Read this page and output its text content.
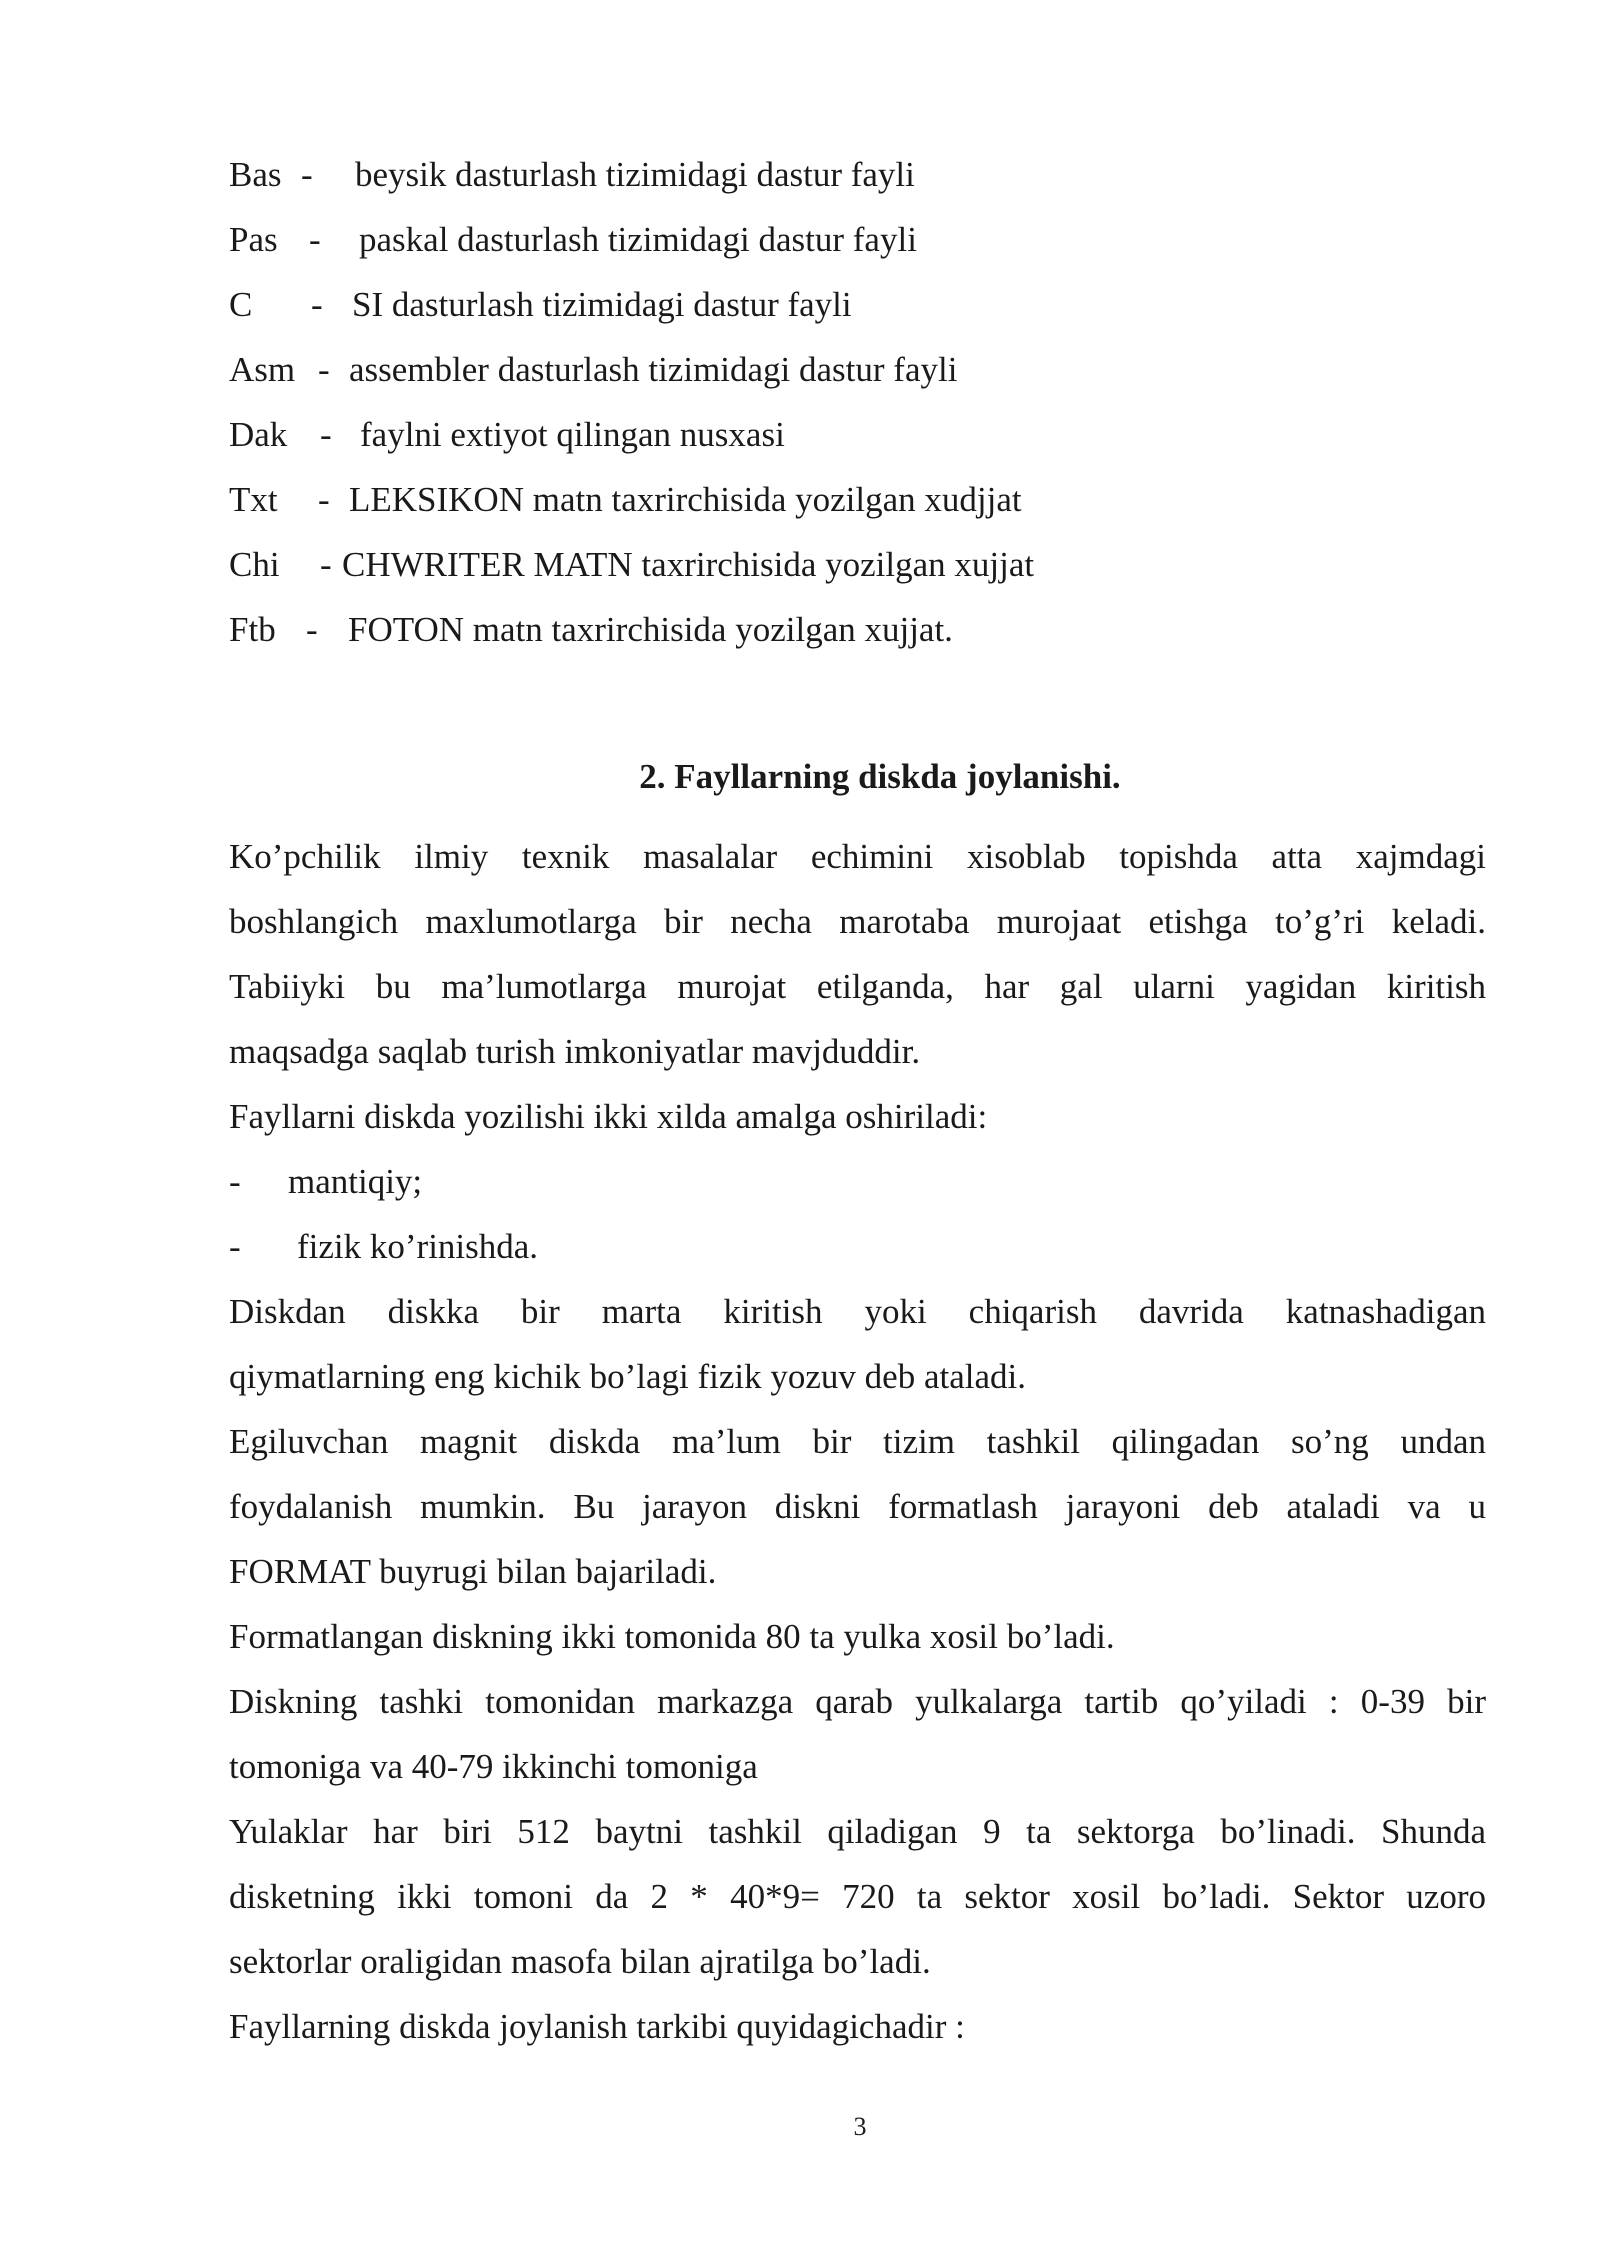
Bas - beysik dasturlash tizimidagi dastur fayli
Pas - paskal dasturlash tizimidagi dastur fayli
C - SI dasturlash tizimidagi dastur fayli
Asm - assembler dasturlash tizimidagi dastur fayli
Dak - faylni extiyot qilingan nusxasi
Txt - LEKSIKON matn taxrirchisida yozilgan xudjjat
Chi - CHWRITER MATN taxrirchisida yozilgan xujjat
Ftb - FOTON matn taxrirchisida yozilgan xujjat.
2. Fayllarning diskda joylanishi.
Ko’pchilik ilmiy texnik masalalar echimini xisoblab topishda atta xajmdagi
boshlangich maxlumotlarga bir necha marotaba murojaat etishga to’g’ri keladi.
Tabiiyki bu ma’lumotlarga murojat etilganda, har gal ularni yagidan kiritish
maqsadga saqlab turish imkoniyatlar mavjduddir.
Fayllarni diskda yozilishi ikki xilda amalga oshiriladi:
- mantiqiy;
- fizik ko’rinishda.
Diskdan diskka bir marta kiritish yoki chiqarish davrida katnashadigan
qiymatlarning eng kichik bo’lagi fizik yozuv deb ataladi.
Egiluvchan magnit diskda ma’lum bir tizim tashkil qilingadan so’ng undan
foydalanish mumkin. Bu jarayon diskni formatlash jarayoni deb ataladi va u
FORMAT buyrugi bilan bajariladi.
Formatlangan diskning ikki tomonida 80 ta yulka xosil bo’ladi.
Diskning tashki tomonidan markazga qarab yulkalarga tartib qo’yiladi : 0-39 bir
tomoniga va 40-79 ikkinchi tomoniga
Yulaklar har biri 512 baytni tashkil qiladigan 9 ta sektorga bo’linadi. Shunda
disketning ikki tomoni da 2 * 40*9= 720 ta sektor xosil bo’ladi. Sektor uzoro
sektorlar oraligidan masofa bilan ajratilga bo’ladi.
Fayllarning diskda joylanish tarkibi quyidagichadir :
3
